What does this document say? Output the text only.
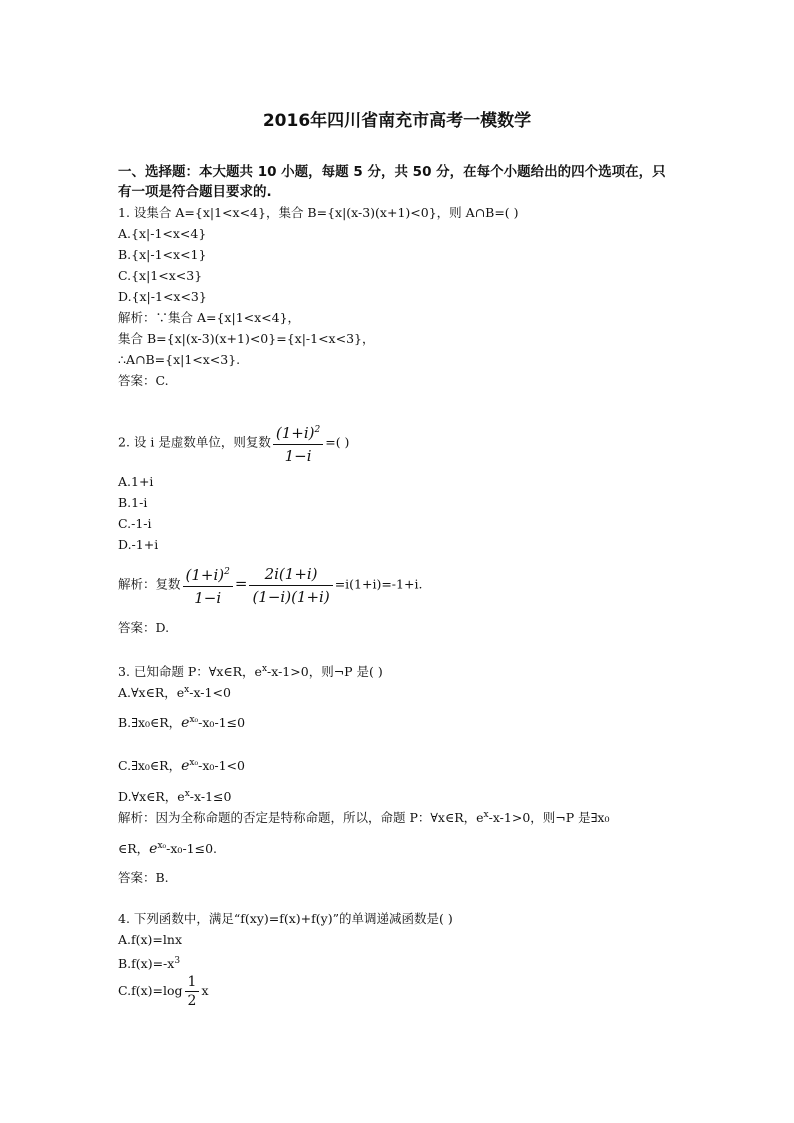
2016年四川省南充市高考一模数学
一、选择题：本大题共 10 小题，每题 5 分，共 50 分，在每个小题给出的四个选项在，只
有一项是符合题目要求的.
1. 设集合 A={x|1<x<4}，集合 B={x|(x-3)(x+1)<0}，则 A∩B=( )
A.{x|-1<x<4}
B.{x|-1<x<1}
C.{x|1<x<3}
D.{x|-1<x<3}
解析：∵集合 A={x|1<x<4}，
集合 B={x|(x-3)(x+1)<0}={x|-1<x<3}，
∴A∩B={x|1<x<3}.
答案：C.
2. 设 i 是虚数单位，则复数 $\frac{(1+i)^2}{1-i}$ =( )
A.1+i
B.1-i
C.-1-i
D.-1+i
解析：复数 $\frac{(1+i)^2}{1-i} = \frac{2i(1+i)}{(1-i)(1+i)} =i(1+i)=-1+i$.
答案：D.
3. 已知命题 P：∀x∈R，$e^x-x-1>0$，则¬P 是( )
A.∀x∈R，$e^x-x-1<0$
B.∃x₀∈R，$e^{x_0}-x_0-1\le 0$
C.∃x₀∈R，$e^{x_0}-x_0-1<0$
D.∀x∈R，$e^x-x-1\le 0$
解析：因为全称命题的否定是特称命题，所以，命题 P：∀x∈R，$e^x-x-1>0$，则¬P 是∃x₀
∈R，$e^{x_0}-x_0-1\le 0$.
答案：B.
4. 下列函数中，满足“f(xy)=f(x)+f(y)”的单调递减函数是( )
A.f(x)=lnx
$B.f(x)=-x^3$
$C.f(x)=\log \frac{1}{2}$ x
